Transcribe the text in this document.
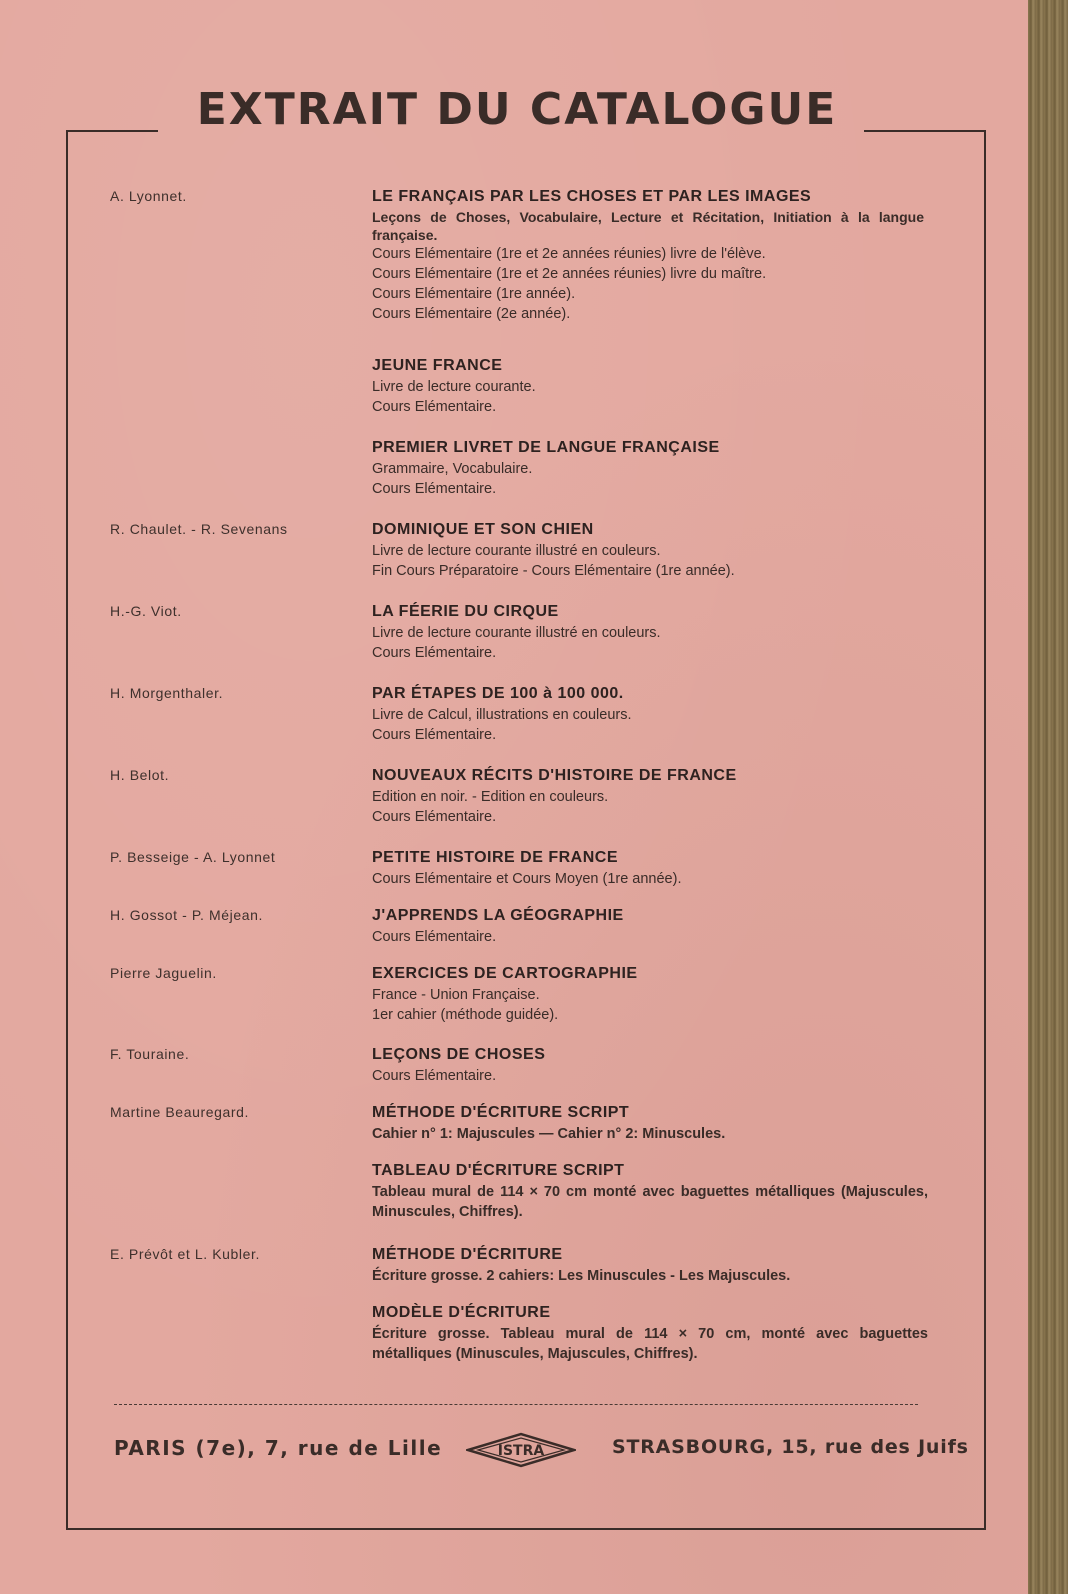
EXTRAIT DU CATALOGUE
A. Lyonnet.	LE FRANÇAIS PAR LES CHOSES ET PAR LES IMAGES
Leçons de Choses, Vocabulaire, Lecture et Récitation, Initiation à la langue française.
Cours Elémentaire (1re et 2e années réunies) livre de l'élève.
Cours Elémentaire (1re et 2e années réunies) livre du maître.
Cours Elémentaire (1re année).
Cours Elémentaire (2e année).
JEUNE FRANCE
Livre de lecture courante.
Cours Elémentaire.
PREMIER LIVRET DE LANGUE FRANÇAISE
Grammaire, Vocabulaire.
Cours Elémentaire.
R. Chaulet. - R. Sevenans	DOMINIQUE ET SON CHIEN
Livre de lecture courante illustré en couleurs.
Fin Cours Préparatoire - Cours Elémentaire (1re année).
H.-G. Viot.	LA FÉERIE DU CIRQUE
Livre de lecture courante illustré en couleurs.
Cours Elémentaire.
H. Morgenthaler.	PAR ÉTAPES DE 100 à 100 000.
Livre de Calcul, illustrations en couleurs.
Cours Elémentaire.
H. Belot.	NOUVEAUX RÉCITS D'HISTOIRE DE FRANCE
Edition en noir. - Edition en couleurs.
Cours Elémentaire.
P. Besseige - A. Lyonnet	PETITE HISTOIRE DE FRANCE
Cours Elémentaire et Cours Moyen (1re année).
H. Gossot - P. Méjean.	J'APPRENDS LA GÉOGRAPHIE
Cours Elémentaire.
Pierre Jaguelin.	EXERCICES DE CARTOGRAPHIE
France - Union Française.
1er cahier (méthode guidée).
F. Touraine.	LEÇONS DE CHOSES
Cours Elémentaire.
Martine Beauregard.	MÉTHODE D'ÉCRITURE SCRIPT
Cahier n° 1: Majuscules — Cahier n° 2: Minuscules.
TABLEAU D'ÉCRITURE SCRIPT
Tableau mural de 114 × 70 cm monté avec baguettes métalliques (Majuscules, Minuscules, Chiffres).
E. Prévôt et L. Kubler.	MÉTHODE D'ÉCRITURE
Écriture grosse. 2 cahiers: Les Minuscules - Les Majuscules.
MODÈLE D'ÉCRITURE
Écriture grosse. Tableau mural de 114 × 70 cm, monté avec baguettes métalliques (Minuscules, Majuscules, Chiffres).
PARIS (7e), 7, rue de Lille	ISTRA	STRASBOURG, 15, rue des Juifs
